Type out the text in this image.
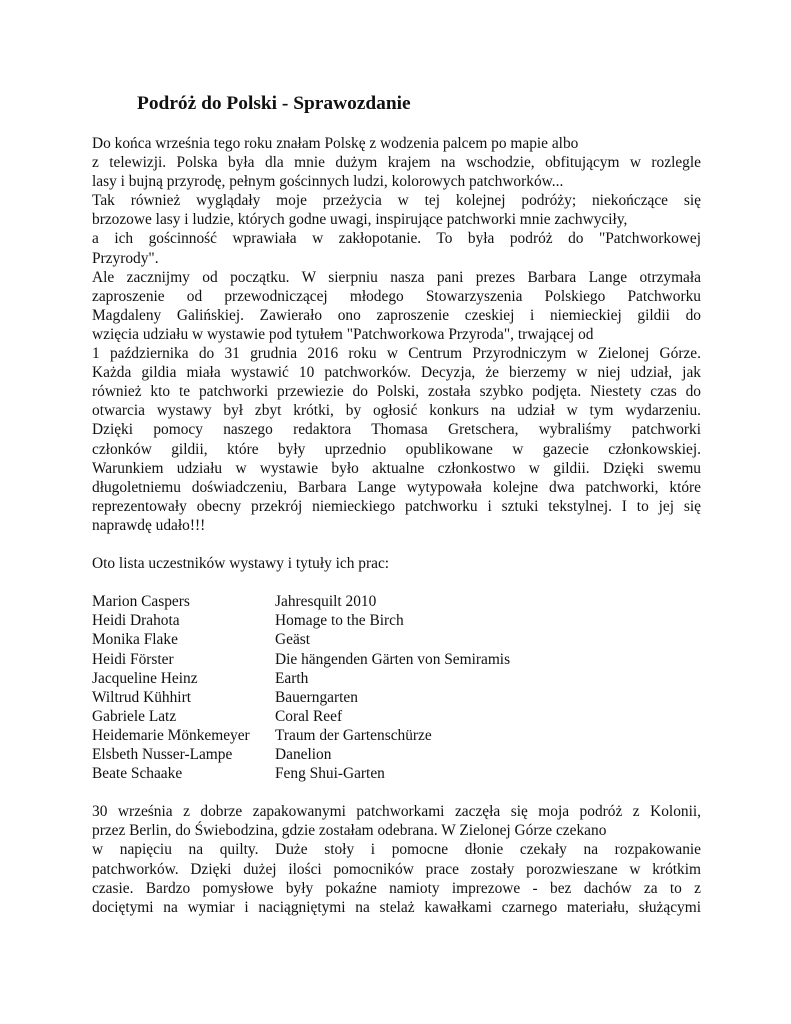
Podróż do Polski - Sprawozdanie
Do końca września tego roku znałam Polskę z wodzenia palcem po mapie albo
z telewizji. Polska była dla mnie dużym krajem na wschodzie, obfitującym w rozlegle
lasy i bujną przyrodę, pełnym gościnnych ludzi, kolorowych patchworków...
Tak również wyglądały moje przeżycia w tej kolejnej podróży; niekończące się
brzozowe lasy i ludzie, których godne uwagi, inspirujące patchworki mnie zachwyciły,
a ich gościnność wprawiała w zakłopotanie. To była podróż do "Patchworkowej
Przyrody".
Ale zacznijmy od początku. W sierpniu nasza pani prezes Barbara Lange otrzymała
zaproszenie od przewodniczącej młodego Stowarzyszenia Polskiego Patchworku
Magdaleny Galińskiej. Zawierało ono zaproszenie czeskiej i niemieckiej gildii do
wzięcia udziału w wystawie pod tytułem "Patchworkowa Przyroda", trwającej od
1 października do 31 grudnia 2016 roku w Centrum Przyrodniczym w Zielonej Górze.
Każda gildia miała wystawić 10 patchworków. Decyzja, że bierzemy w niej udział, jak
również kto te patchworki przewiezie do Polski, została szybko podjęta. Niestety czas do
otwarcia wystawy był zbyt krótki, by ogłosić konkurs na udział w tym wydarzeniu.
Dzięki pomocy naszego redaktora Thomasa Gretschera, wybraliśmy patchworki
członków gildii, które były uprzednio opublikowane w gazecie członkowskiej.
Warunkiem udziału w wystawie było aktualne członkostwo w gildii. Dzięki swemu
długoletniemu doświadczeniu, Barbara Lange wytypowała kolejne dwa patchworki, które
reprezentowały obecny przekrój niemieckiego patchworku i sztuki tekstylnej. I to jej się
naprawdę udało!!!
Oto lista uczestników wystawy i tytuły ich prac:
Marion Caspers	Jahresquilt 2010
Heidi Drahota	Homage to the Birch
Monika Flake	Geäst
Heidi Förster	Die hängenden Gärten von Semiramis
Jacqueline Heinz	Earth
Wiltrud Kühhirt	Bauerngarten
Gabriele Latz	Coral Reef
Heidemarie Mönkemeyer	Traum der Gartenschürze
Elsbeth Nusser-Lampe	Danelion
Beate Schaake	Feng Shui-Garten
30 września z dobrze zapakowanymi patchworkami zaczęła się moja podróż z Kolonii,
przez Berlin, do Świebodzina, gdzie zostałam odebrana. W Zielonej Górze czekano
w napięciu na quilty. Duże stoły i pomocne dłonie czekały na rozpakowanie
patchworków. Dzięki dużej ilości pomocników prace zostały porozwieszane w krótkim
czasie. Bardzo pomysłowe były pokaźne namioty imprezowe - bez dachów za to z
dociętymi na wymiar i naciągniętymi na stelaż kawałkami czarnego materiału, służącymi
